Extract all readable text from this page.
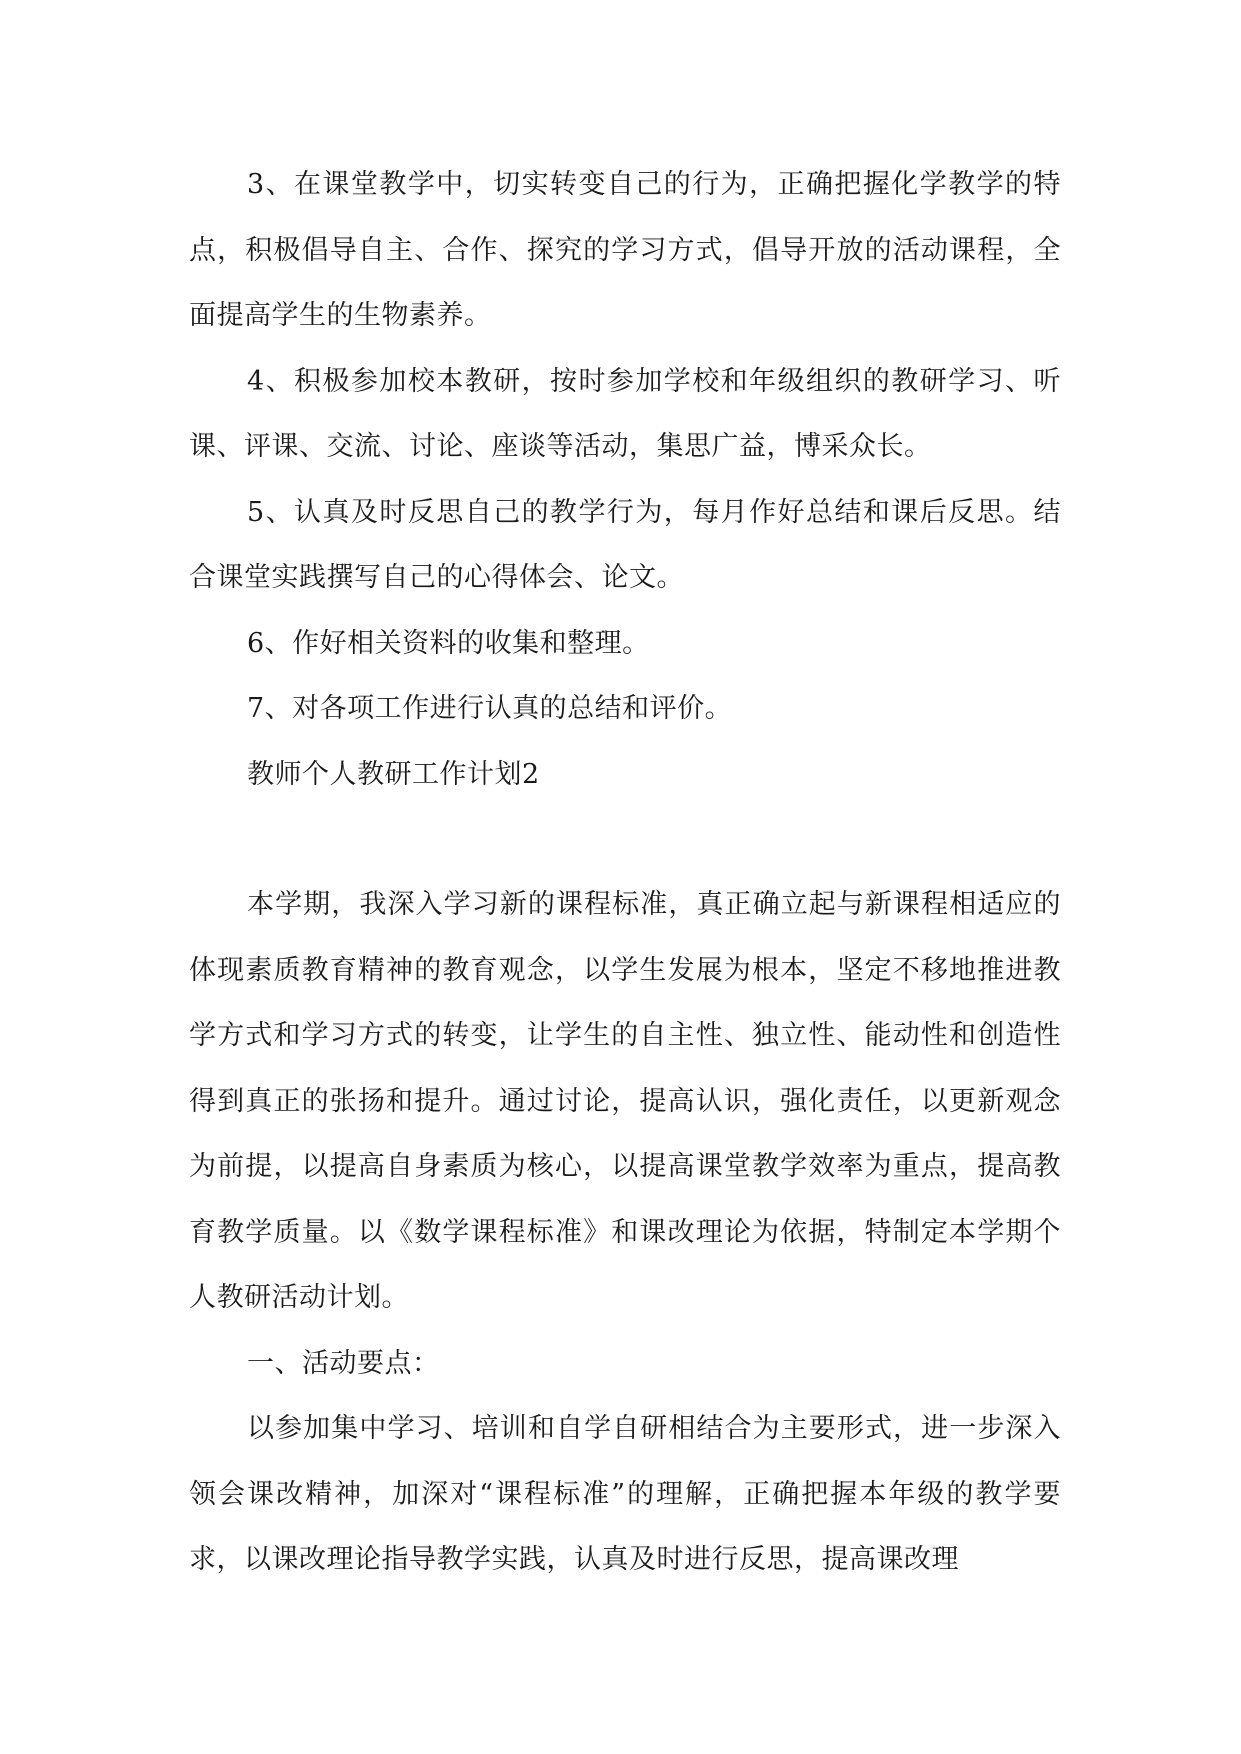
3、在课堂教学中，切实转变自己的行为，正确把握化学教学的特点，积极倡导自主、合作、探究的学习方式，倡导开放的活动课程，全面提高学生的生物素养。

4、积极参加校本教研，按时参加学校和年级组织的教研学习、听课、评课、交流、讨论、座谈等活动，集思广益，博采众长。

5、认真及时反思自己的教学行为，每月作好总结和课后反思。结合课堂实践撰写自己的心得体会、论文。

6、作好相关资料的收集和整理。

7、对各项工作进行认真的总结和评价。

教师个人教研工作计划2

本学期，我深入学习新的课程标准，真正确立起与新课程相适应的体现素质教育精神的教育观念，以学生发展为根本，坚定不移地推进教学方式和学习方式的转变，让学生的自主性、独立性、能动性和创造性得到真正的张扬和提升。通过讨论，提高认识，强化责任，以更新观念为前提，以提高自身素质为核心，以提高课堂教学效率为重点，提高教育教学质量。以《数学课程标准》和课改理论为依据，特制定本学期个人教研活动计划。

一、活动要点：

以参加集中学习、培训和自学自研相结合为主要形式，进一步深入领会课改精神，加深对“课程标准”的理解，正确把握本年级的教学要求，以课改理论指导教学实践，认真及时进行反思，提高课改理
